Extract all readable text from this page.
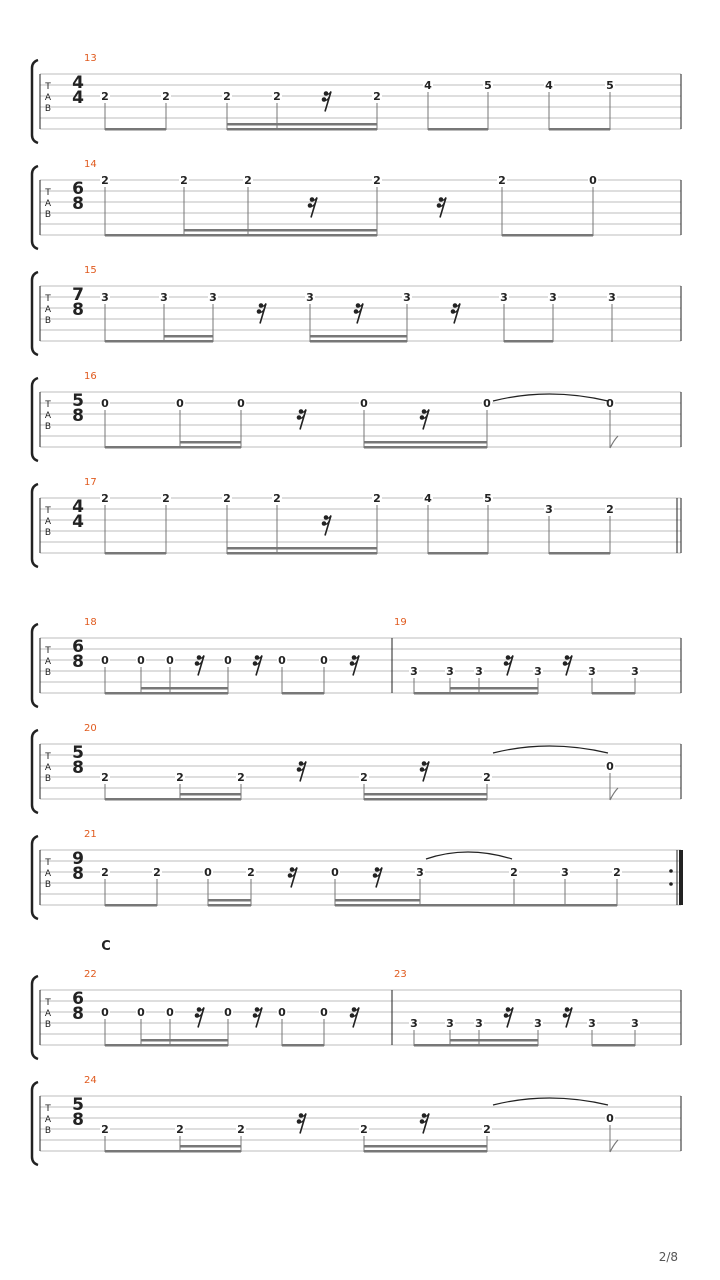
T
A
B
13
4
4 2	2	2	2	2
4	5	4	5
T
A
B
14
6
8
2	2	2	2	2	0
T
A
B
15
7
8
3	3	3	3	3	3	3	3
T
A
B
16
5
8
0	0	0	0	0	0
T
A
B
17
4
4
2	2	2	2	2	4	5
3	2
T
A
B
18
6
8 0	0 0	0	0	0
19
3	3 3	3	3	3
T
A
B
20
5
8 2	2	2	2	2
0
T
A
B
21
9
8 2	2	0	2	0	3	2	3	2
T
A
B
22
6
8 0	0 0	0	0	0
23
3	3 3	3	3	3
T
A
B
24
5
8 2	2	2	2	2
0
C
2/8
